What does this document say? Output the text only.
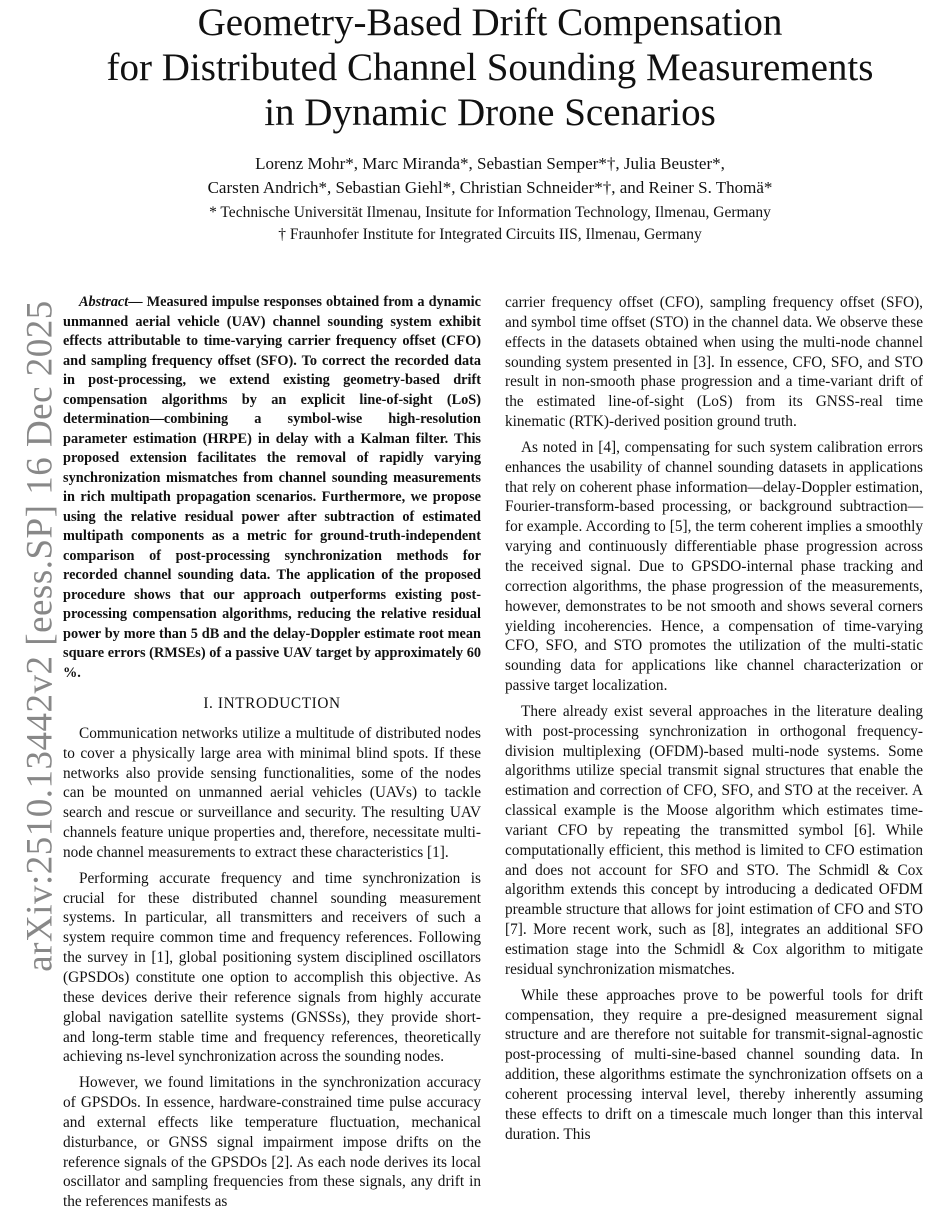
arXiv:2510.13442v2 [eess.SP] 16 Dec 2025
Geometry-Based Drift Compensation
for Distributed Channel Sounding Measurements
in Dynamic Drone Scenarios
Lorenz Mohr*, Marc Miranda*, Sebastian Semper*†, Julia Beuster*,
Carsten Andrich*, Sebastian Giehl*, Christian Schneider*†, and Reiner S. Thomä*
* Technische Universität Ilmenau, Insitute for Information Technology, Ilmenau, Germany
† Fraunhofer Institute for Integrated Circuits IIS, Ilmenau, Germany

Abstract— Measured impulse responses obtained from a dynamic unmanned aerial vehicle (UAV) channel sounding system exhibit effects attributable to time-varying carrier frequency offset (CFO) and sampling frequency offset (SFO). To correct the recorded data in post-processing, we extend existing geometry-based drift compensation algorithms by an explicit line-of-sight (LoS) determination—combining a symbol-wise high-resolution parameter estimation (HRPE) in delay with a Kalman filter. This proposed extension facilitates the removal of rapidly varying synchronization mismatches from channel sounding measurements in rich multipath propagation scenarios. Furthermore, we propose using the relative residual power after subtraction of estimated multipath components as a metric for ground-truth-independent comparison of post-processing synchronization methods for recorded channel sounding data. The application of the proposed procedure shows that our approach outperforms existing post-processing compensation algorithms, reducing the relative residual power by more than 5 dB and the delay-Doppler estimate root mean square errors (RMSEs) of a passive UAV target by approximately 60 %.

I. INTRODUCTION

Communication networks utilize a multitude of distributed nodes to cover a physically large area with minimal blind spots. If these networks also provide sensing functionalities, some of the nodes can be mounted on unmanned aerial vehicles (UAVs) to tackle search and rescue or surveillance and security. The resulting UAV channels feature unique properties and, therefore, necessitate multi-node channel measurements to extract these characteristics [1].

Performing accurate frequency and time synchronization is crucial for these distributed channel sounding measurement systems. In particular, all transmitters and receivers of such a system require common time and frequency references. Following the survey in [1], global positioning system disciplined oscillators (GPSDOs) constitute one option to accomplish this objective. As these devices derive their reference signals from highly accurate global navigation satellite systems (GNSSs), they provide short- and long-term stable time and frequency references, theoretically achieving ns-level synchronization across the sounding nodes.

However, we found limitations in the synchronization accuracy of GPSDOs. In essence, hardware-constrained time pulse accuracy and external effects like temperature fluctuation, mechanical disturbance, or GNSS signal impairment impose drifts on the reference signals of the GPSDOs [2]. As each node derives its local oscillator and sampling frequencies from these signals, any drift in the references manifests as

carrier frequency offset (CFO), sampling frequency offset (SFO), and symbol time offset (STO) in the channel data. We observe these effects in the datasets obtained when using the multi-node channel sounding system presented in [3]. In essence, CFO, SFO, and STO result in non-smooth phase progression and a time-variant drift of the estimated line-of-sight (LoS) from its GNSS-real time kinematic (RTK)-derived position ground truth.

As noted in [4], compensating for such system calibration errors enhances the usability of channel sounding datasets in applications that rely on coherent phase information—delay-Doppler estimation, Fourier-transform-based processing, or background subtraction—for example. According to [5], the term coherent implies a smoothly varying and continuously differentiable phase progression across the received signal. Due to GPSDO-internal phase tracking and correction algorithms, the phase progression of the measurements, however, demonstrates to be not smooth and shows several corners yielding incoherencies. Hence, a compensation of time-varying CFO, SFO, and STO promotes the utilization of the multi-static sounding data for applications like channel characterization or passive target localization.

There already exist several approaches in the literature dealing with post-processing synchronization in orthogonal frequency-division multiplexing (OFDM)-based multi-node systems. Some algorithms utilize special transmit signal structures that enable the estimation and correction of CFO, SFO, and STO at the receiver. A classical example is the Moose algorithm which estimates time-variant CFO by repeating the transmitted symbol [6]. While computationally efficient, this method is limited to CFO estimation and does not account for SFO and STO. The Schmidl & Cox algorithm extends this concept by introducing a dedicated OFDM preamble structure that allows for joint estimation of CFO and STO [7]. More recent work, such as [8], integrates an additional SFO estimation stage into the Schmidl & Cox algorithm to mitigate residual synchronization mismatches.

While these approaches prove to be powerful tools for drift compensation, they require a pre-designed measurement signal structure and are therefore not suitable for transmit-signal-agnostic post-processing of multi-sine-based channel sounding data. In addition, these algorithms estimate the synchronization offsets on a coherent processing interval level, thereby inherently assuming these effects to drift on a timescale much longer than this interval duration. This
